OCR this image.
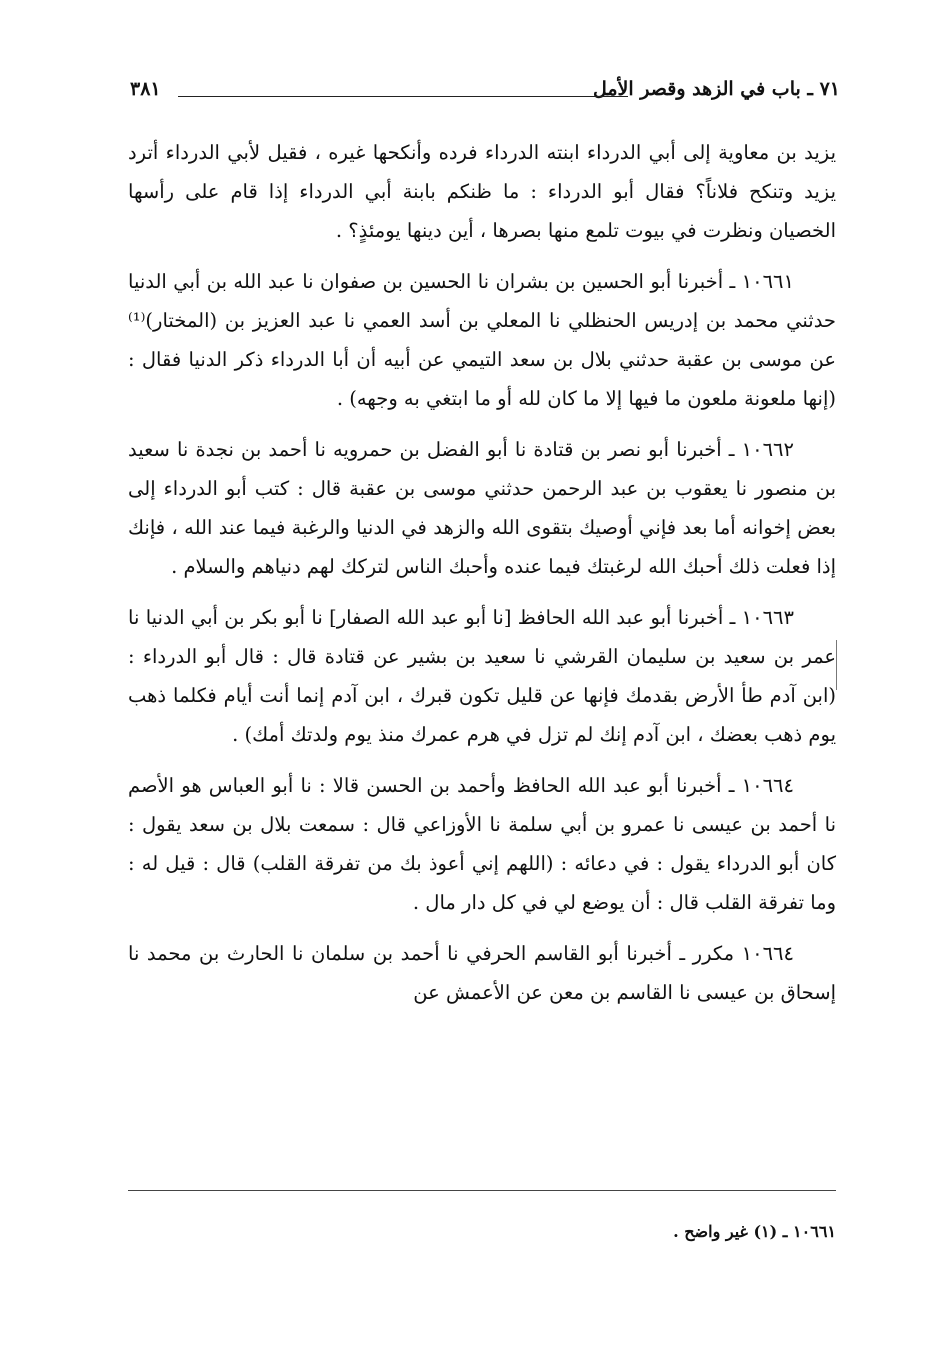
٧١ ـ باب في الزهد وقصر الأمل
٣٨١

يزيد بن معاوية إلى أبي الدرداء ابنته الدرداء فرده وأنكحها غيره ، فقيل لأبي الدرداء أترد يزيد وتنكح فلاناً؟ فقال أبو الدرداء : ما ظنكم بابنة أبي الدرداء إذا قام على رأسها الخصيان ونظرت في بيوت تلمع منها بصرها ، أين دينها يومئذٍ؟ .

١٠٦٦١ ـ أخبرنا أبو الحسين بن بشران نا الحسين بن صفوان نا عبد الله بن أبي الدنيا حدثني محمد بن إدريس الحنظلي نا المعلي بن أسد العمي نا عبد العزيز بن (المختار)⁽¹⁾ عن موسى بن عقبة حدثني بلال بن سعد التيمي عن أبيه أن أبا الدرداء ذكر الدنيا فقال : (إنها ملعونة ملعون ما فيها إلا ما كان لله أو ما ابتغي به وجهه) .

١٠٦٦٢ ـ أخبرنا أبو نصر بن قتادة نا أبو الفضل بن حمرويه نا أحمد بن نجدة نا سعيد بن منصور نا يعقوب بن عبد الرحمن حدثني موسى بن عقبة قال : كتب أبو الدرداء إلى بعض إخوانه أما بعد فإني أوصيك بتقوى الله والزهد في الدنيا والرغبة فيما عند الله ، فإنك إذا فعلت ذلك أحبك الله لرغبتك فيما عنده وأحبك الناس لتركك لهم دنياهم والسلام .

١٠٦٦٣ ـ أخبرنا أبو عبد الله الحافظ [نا أبو عبد الله الصفار] نا أبو بكر بن أبي الدنيا نا عمر بن سعيد بن سليمان القرشي نا سعيد بن بشير عن قتادة قال : قال أبو الدرداء : (ابن آدم طأ الأرض بقدمك فإنها عن قليل تكون قبرك ، ابن آدم إنما أنت أيام فكلما ذهب يوم ذهب بعضك ، ابن آدم إنك لم تزل في هرم عمرك منذ يوم ولدتك أمك) .

١٠٦٦٤ ـ أخبرنا أبو عبد الله الحافظ وأحمد بن الحسن قالا : نا أبو العباس هو الأصم نا أحمد بن عيسى نا عمرو بن أبي سلمة نا الأوزاعي قال : سمعت بلال بن سعد يقول : كان أبو الدرداء يقول : في دعائه : (اللهم إني أعوذ بك من تفرقة القلب) قال : قيل له : وما تفرقة القلب قال : أن يوضع لي في كل دار مال .

١٠٦٦٤ مكرر ـ أخبرنا أبو القاسم الحرفي نا أحمد بن سلمان نا الحارث بن محمد نا إسحاق بن عيسى نا القاسم بن معن عن الأعمش عن

١٠٦٦١ ـ (١) غير واضح .
